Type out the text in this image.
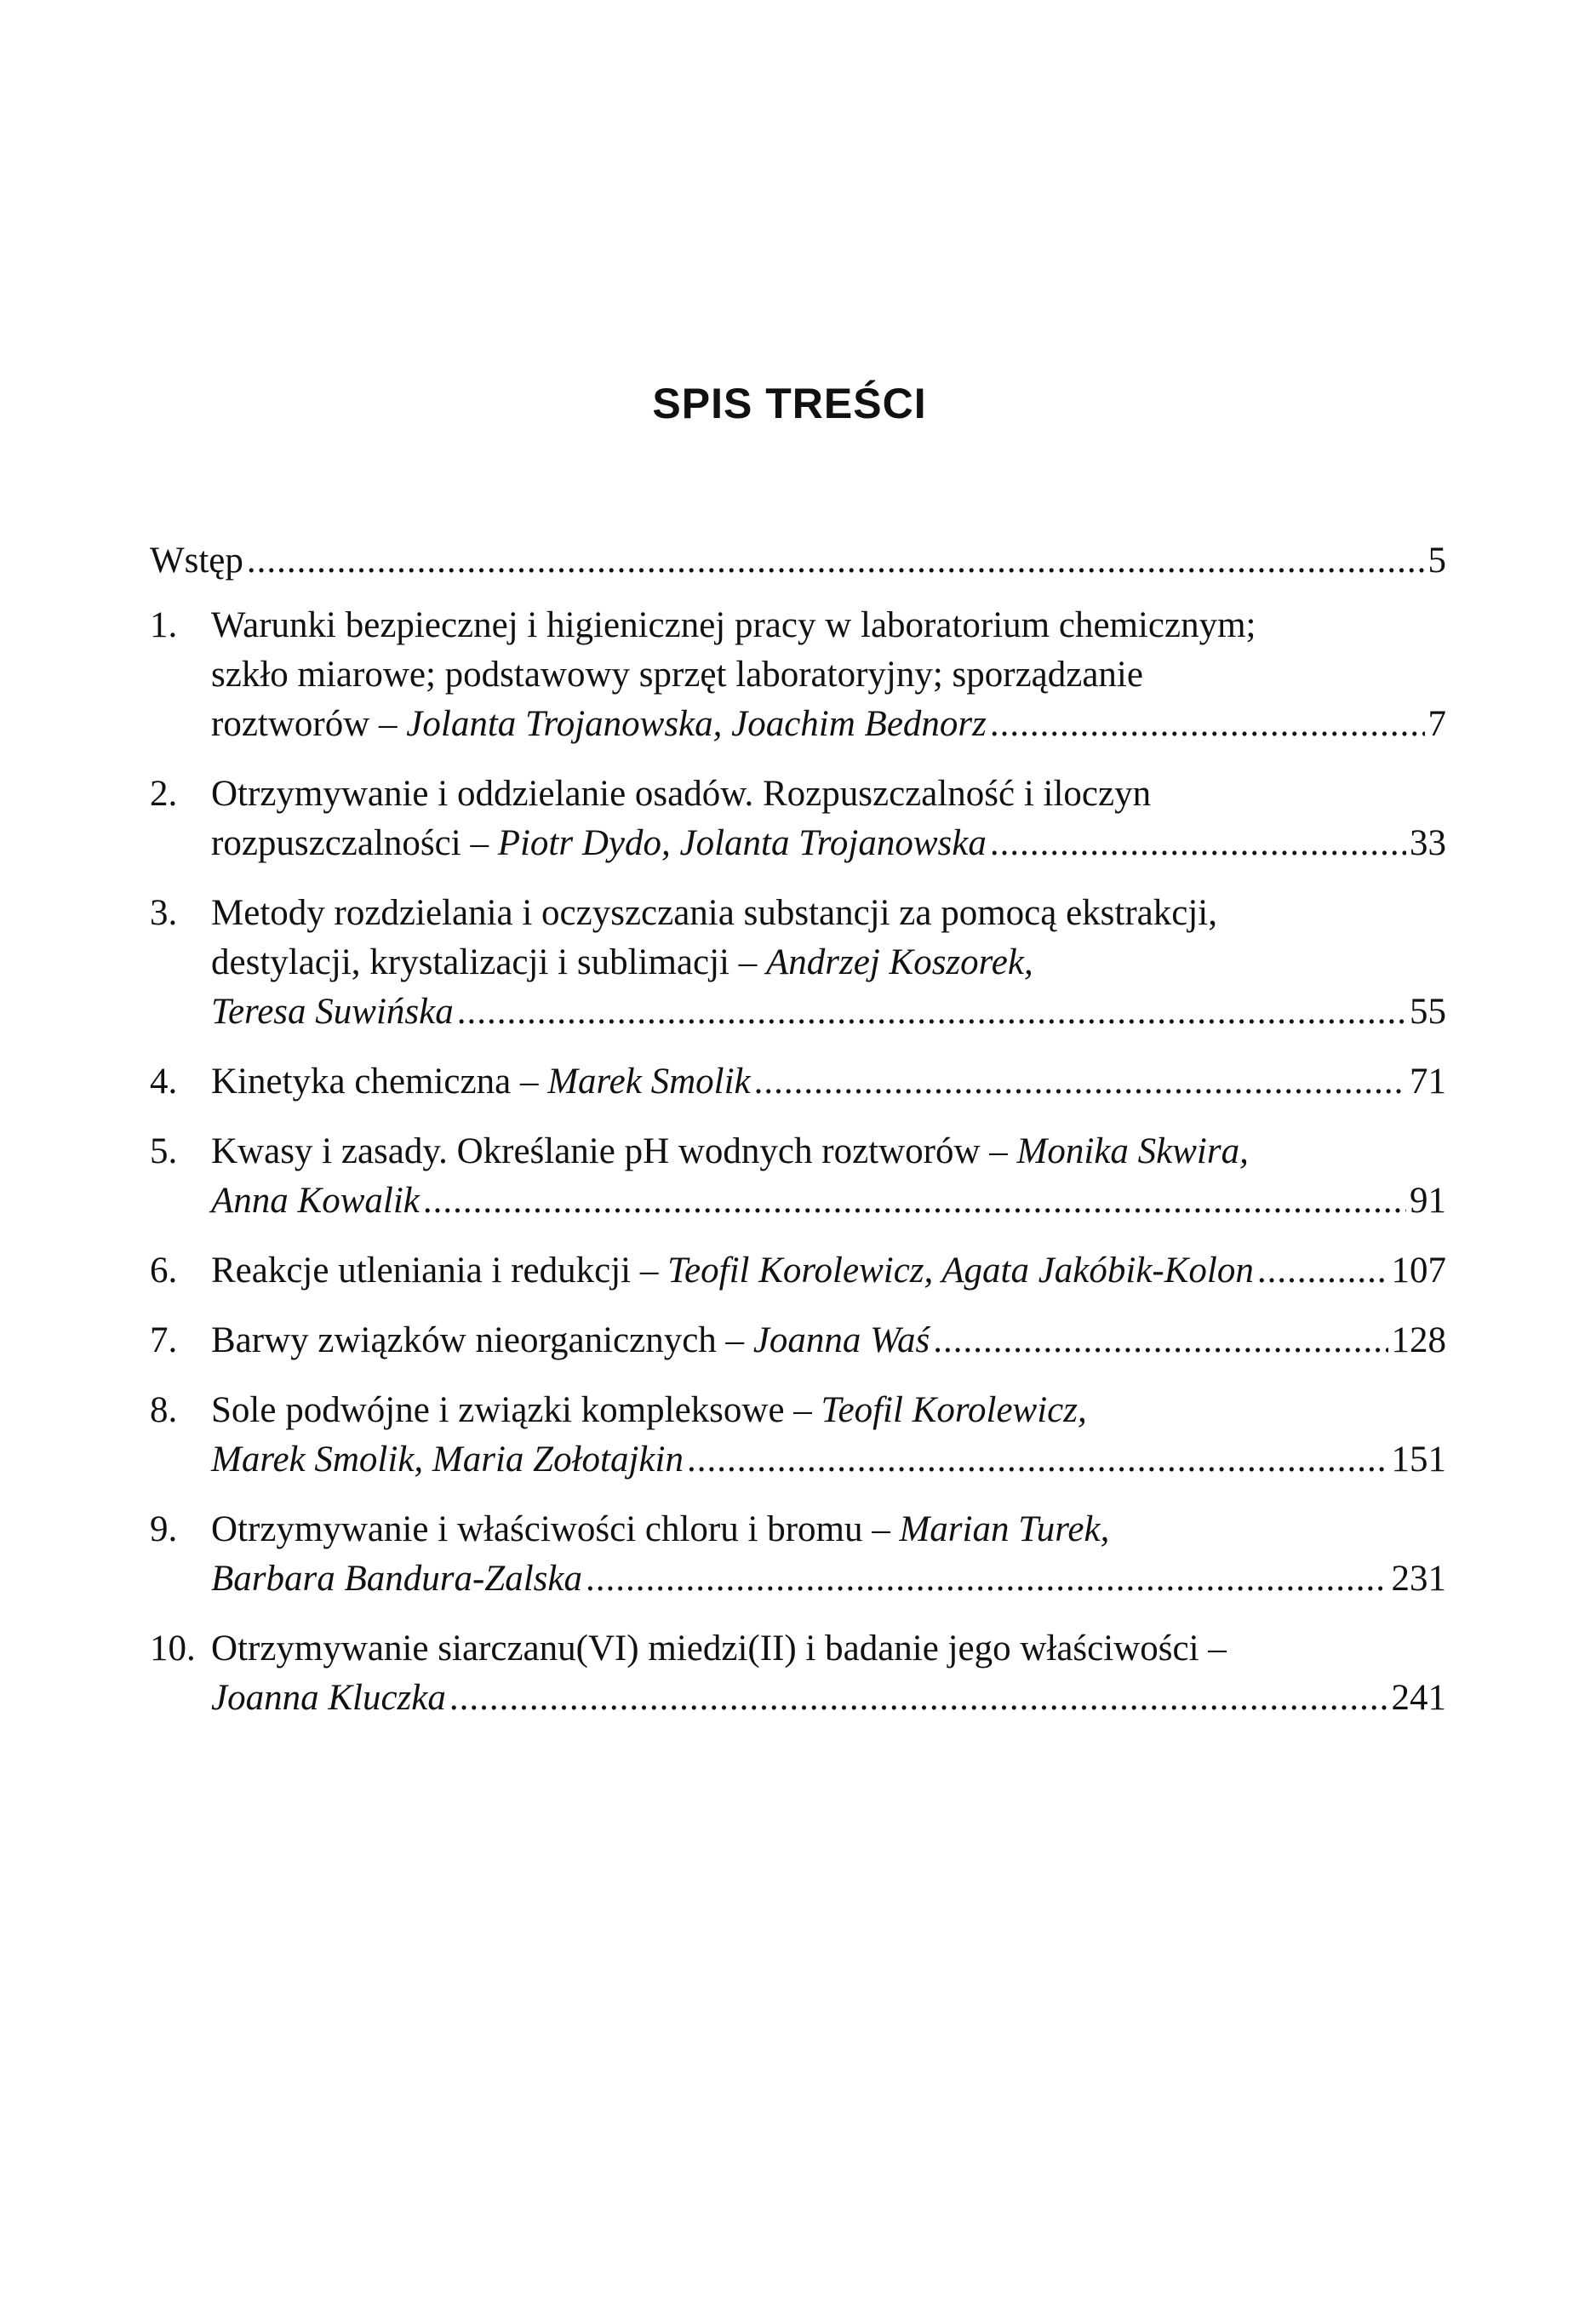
SPIS TREŚCI
Wstęp .....	5
1. Warunki bezpiecznej i higienicznej pracy w laboratorium chemicznym;
szkło miarowe; podstawowy sprzęt laboratoryjny; sporządzanie
roztworów – Jolanta Trojanowska, Joachim Bednorz .....	7
2. Otrzymywanie i oddzielanie osadów. Rozpuszczalność i iloczyn
rozpuszczalności – Piotr Dydo, Jolanta Trojanowska .....	33
3. Metody rozdzielania i oczyszczania substancji za pomocą ekstrakcji,
destylacji, krystalizacji i sublimacji – Andrzej Koszorek,
Teresa Suwińska .....	55
4. Kinetyka chemiczna – Marek Smolik .....	71
5. Kwasy i zasady. Określanie pH wodnych roztworów – Monika Skwira,
Anna Kowalik .....	91
6. Reakcje utleniania i redukcji – Teofil Korolewicz, Agata Jakóbik-Kolon .....	107
7. Barwy związków nieorganicznych – Joanna Waś .....	128
8. Sole podwójne i związki kompleksowe – Teofil Korolewicz,
Marek Smolik, Maria Zołotajkin .....	151
9. Otrzymywanie i właściwości chloru i bromu – Marian Turek,
Barbara Bandura-Zalska .....	231
10. Otrzymywanie siarczanu(VI) miedzi(II) i badanie jego właściwości –
Joanna Kluczka .....	241
